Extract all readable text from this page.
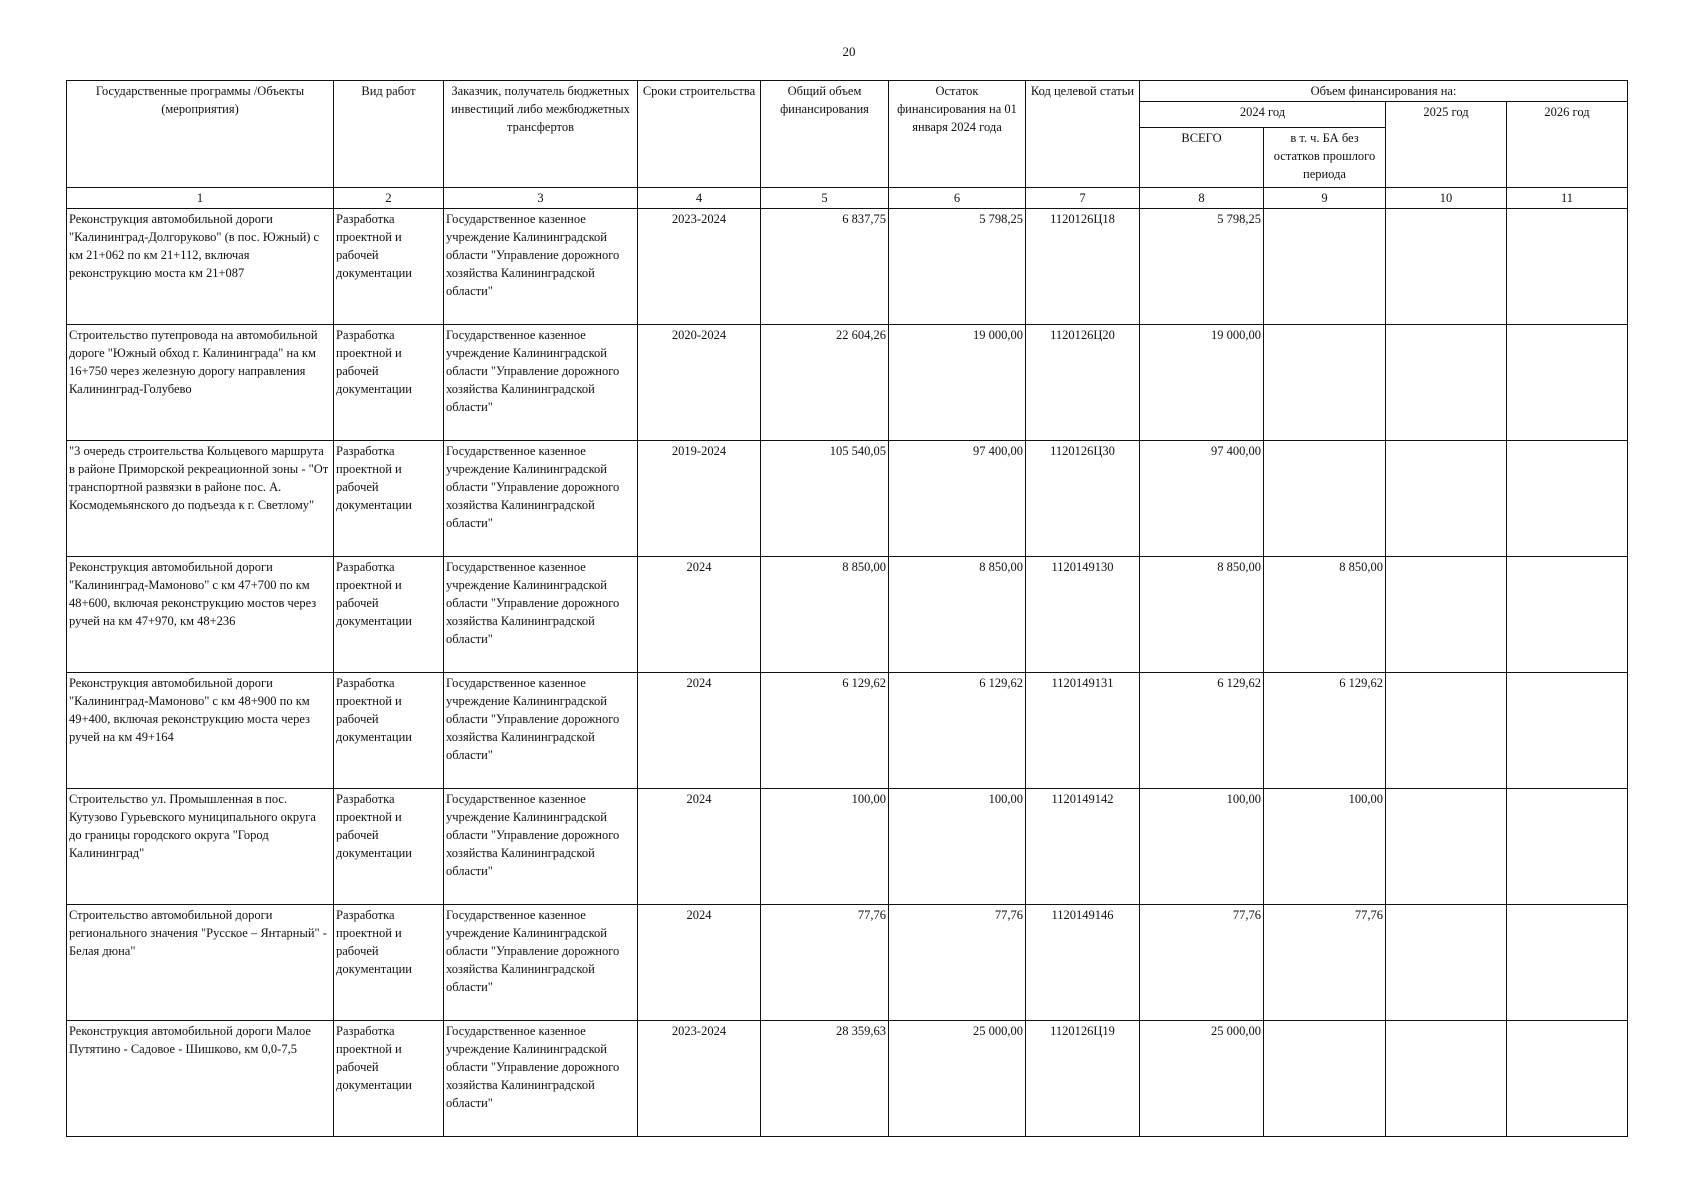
20
Государственные программы /Объекты (мероприятия)	Вид работ	Заказчик, получатель бюджетных инвестиций либо межбюджетных трансфертов	Сроки строительства	Общий объем финансирования	Остаток финансирования на 01 января 2024 года	Код целевой статьи	Объем финансирования на:			
							2024 год		2025 год	2026 год
							ВСЕГО	в т. ч. БА без остатков прошлого периода		
1	2	3	4	5	6	7	8	9	10	11
Реконструкция автомобильной дороги "Калининград-Долгоруково" (в пос. Южный) с км 21+062 по км 21+112, включая реконструкцию моста км 21+087	Разработка проектной и рабочей документации	Государственное казенное учреждение Калининградской области "Управление дорожного хозяйства Калининградской области"	2023-2024	6 837,75	5 798,25	1120126Ц18	5 798,25			
Строительство путепровода на автомобильной дороге "Южный обход г. Калининграда" на км 16+750 через железную дорогу направления Калининград-Голубево	Разработка проектной и рабочей документации	Государственное казенное учреждение Калининградской области "Управление дорожного хозяйства Калининградской области"	2020-2024	22 604,26	19 000,00	1120126Ц20	19 000,00			
"3 очередь строительства Кольцевого маршрута в районе Приморской рекреационной зоны - "От транспортной развязки в районе пос. А. Космодемьянского до подъезда к г. Светлому"	Разработка проектной и рабочей документации	Государственное казенное учреждение Калининградской области "Управление дорожного хозяйства Калининградской области"	2019-2024	105 540,05	97 400,00	1120126Ц30	97 400,00			
Реконструкция автомобильной дороги "Калининград-Мамоново" с км 47+700 по км 48+600, включая реконструкцию мостов через ручей на км 47+970, км 48+236	Разработка проектной и рабочей документации	Государственное казенное учреждение Калининградской области "Управление дорожного хозяйства Калининградской области"	2024	8 850,00	8 850,00	1120149130	8 850,00	8 850,00		
Реконструкция автомобильной дороги "Калининград-Мамоново" с км 48+900 по км 49+400, включая реконструкцию моста через ручей на км 49+164	Разработка проектной и рабочей документации	Государственное казенное учреждение Калининградской области "Управление дорожного хозяйства Калининградской области"	2024	6 129,62	6 129,62	1120149131	6 129,62	6 129,62		
Строительство ул. Промышленная в пос. Кутузово Гурьевского муниципального округа до границы городского округа "Город Калининград"	Разработка проектной и рабочей документации	Государственное казенное учреждение Калининградской области "Управление дорожного хозяйства Калининградской области"	2024	100,00	100,00	1120149142	100,00	100,00		
Строительство автомобильной дороги регионального значения "Русское – Янтарный" - Белая дюна"	Разработка проектной и рабочей документации	Государственное казенное учреждение Калининградской области "Управление дорожного хозяйства Калининградской области"	2024	77,76	77,76	1120149146	77,76	77,76		
Реконструкция автомобильной дороги Малое Путятино - Садовое - Шишково, км 0,0-7,5	Разработка проектной и рабочей документации	Государственное казенное учреждение Калининградской области "Управление дорожного хозяйства Калининградской области"	2023-2024	28 359,63	25 000,00	1120126Ц19	25 000,00			
